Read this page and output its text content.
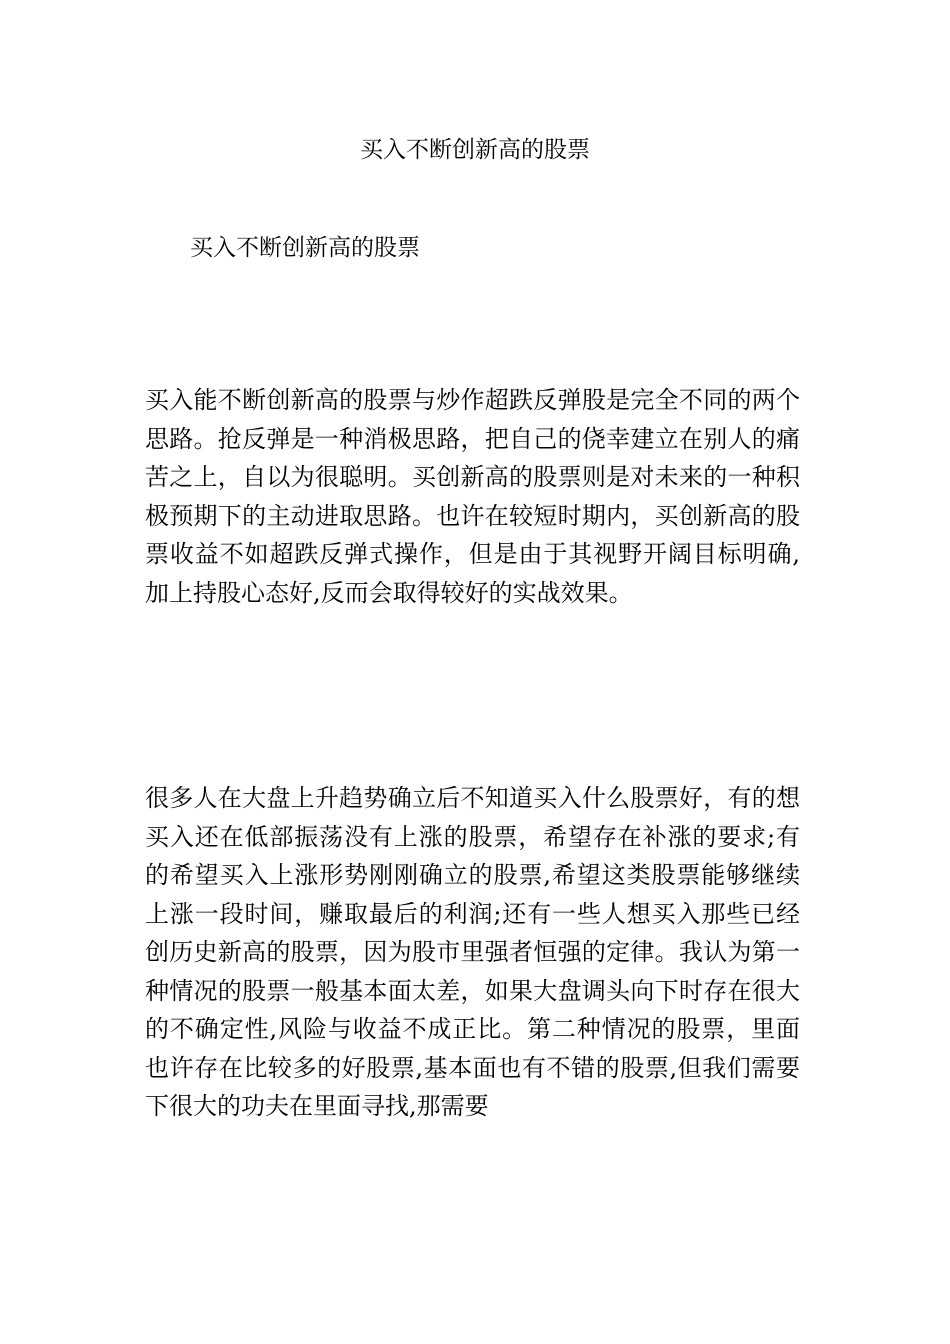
买入不断创新高的股票
买入不断创新高的股票

买入能不断创新高的股票与炒作超跌反弹股是完全不同的两个思路。抢反弹是一种消极思路，把自己的侥幸建立在别人的痛苦之上，自以为很聪明。买创新高的股票则是对未来的一种积极预期下的主动进取思路。也许在较短时期内，买创新高的股票收益不如超跌反弹式操作，但是由于其视野开阔目标明确,加上持股心态好,反而会取得较好的实战效果。

很多人在大盘上升趋势确立后不知道买入什么股票好，有的想买入还在低部振荡没有上涨的股票，希望存在补涨的要求;有的希望买入上涨形势刚刚确立的股票,希望这类股票能够继续上涨一段时间，赚取最后的利润;还有一些人想买入那些已经创历史新高的股票，因为股市里强者恒强的定律。我认为第一种情况的股票一般基本面太差，如果大盘调头向下时存在很大的不确定性,风险与收益不成正比。第二种情况的股票，里面也许存在比较多的好股票,基本面也有不错的股票,但我们需要下很大的功夫在里面寻找,那需要
